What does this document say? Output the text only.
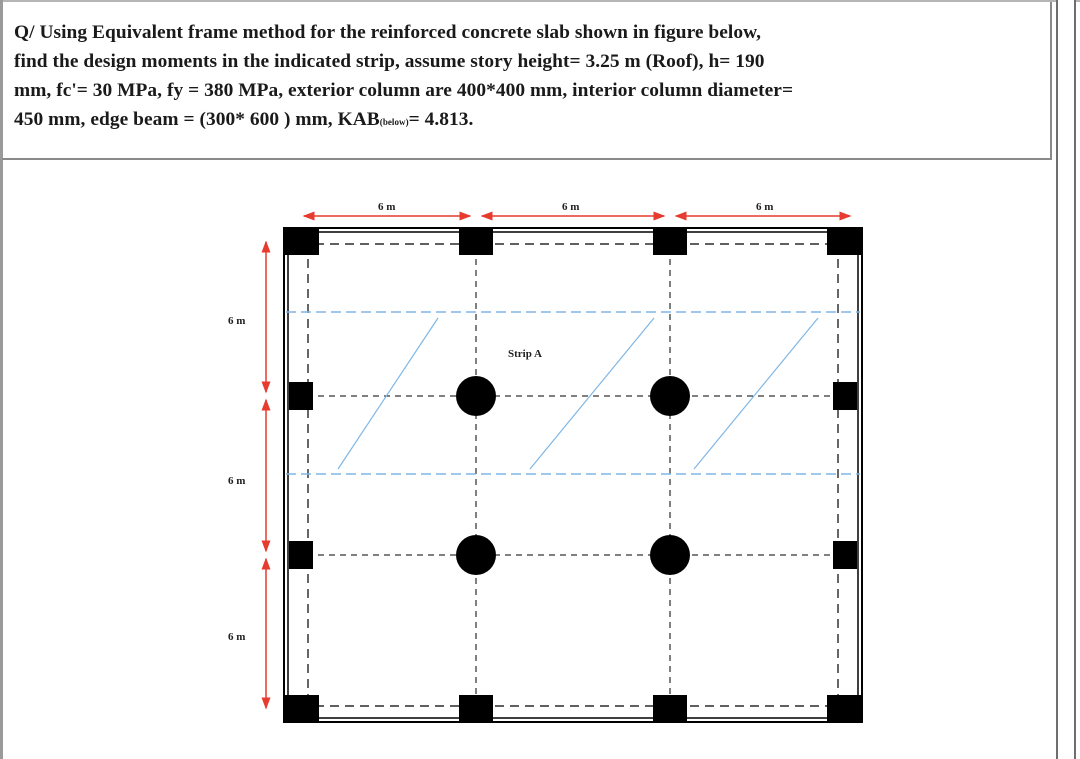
Q/ Using Equivalent frame method for the reinforced concrete slab shown in figure below,
find the design moments in the indicated strip, assume story height= 3.25 m (Roof), h= 190
mm, fc'= 30 MPa, fy = 380 MPa, exterior column are 400*400 mm, interior column diameter=
450 mm, edge beam = (300* 600 ) mm, KAB(below)= 4.813.
6 m	6 m	6 m
6 m
6 m
6 m
Strip A
